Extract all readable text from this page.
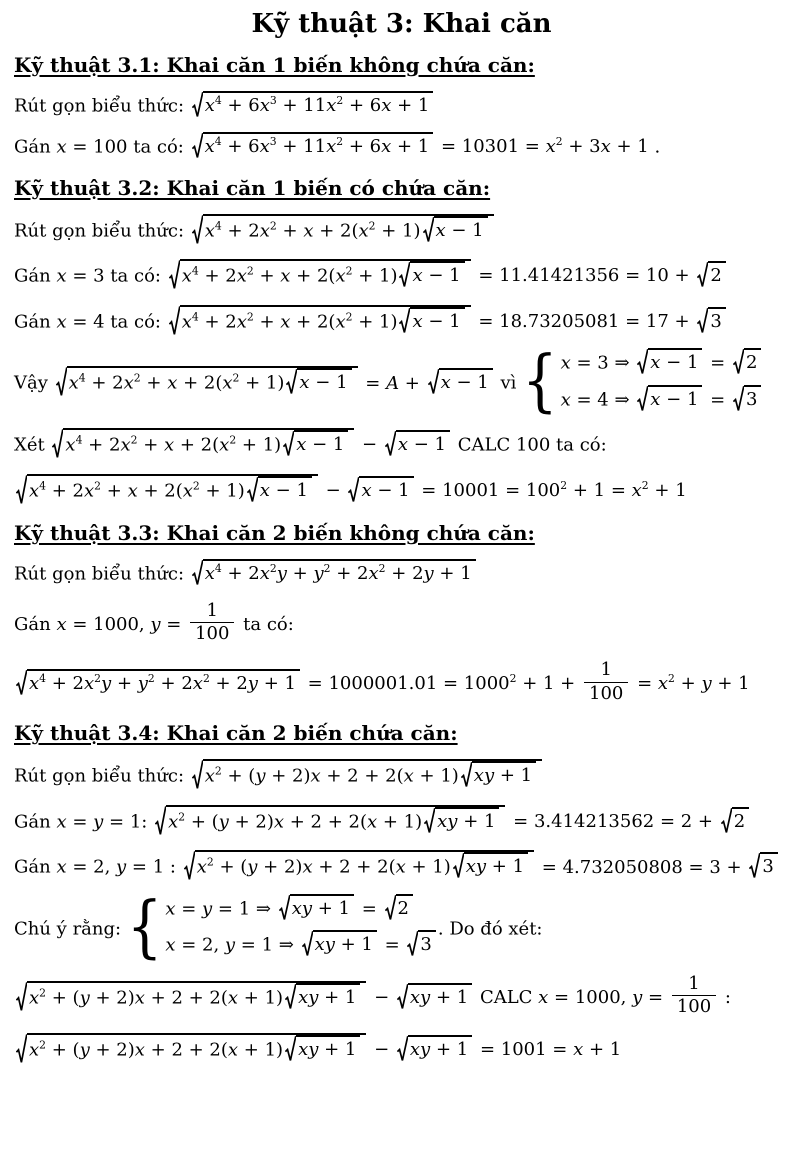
Kỹ thuật 3: Khai căn
Kỹ thuật 3.1: Khai căn 1 biến không chứa căn:
Rút gọn biểu thức: $x^4 + 6x^3 + 11x^2 + 6x + 1$
Gán x = 100 ta có: $x^4 + 6x^3 + 11x^2 + 6x + 1 = 10301 = x^2 + 3x + 1$ .
Kỹ thuật 3.2: Khai căn 1 biến có chứa căn:
Rút gọn biểu thức: $x^4 + 2x^2 + x + 2(x^2 + 1) x - 1$
Gán x = 3 ta có: $x^4 + 2x^2 + x + 2(x^2 + 1) x - 1 = 11.41421356 = 10 + 2$
Gán x = 4 ta có: $x^4 + 2x^2 + x + 2(x^2 + 1) x - 1 = 18.73205081 = 17 + 3$
Vậy $x^4 + 2x^2 + x + 2(x^2 + 1) x - 1 = A + x - 1$ vì { x = 3 ⇒ x − 1 = 2
x = 4 ⇒ x − 1 = 3
Xét $x^4 + 2x^2 + x + 2(x^2 + 1) x - 1 - x - 1$ CALC 100 ta có:
$x^4 + 2x^2 + x + 2(x^2 + 1) x - 1 - x - 1 = 10001 = 100^2 + 1 = x^2 + 1$
Kỹ thuật 3.3: Khai căn 2 biến không chứa căn:
Rút gọn biểu thức: $x^4 + 2x^2y + y^2 + 2x^2 + 2y + 1$
Gán x = 1000, $y = \frac{1}{100}$ ta có:
$x^4 + 2x^2y + y^2 + 2x^2 + 2y + 1 = 1000001.01 = 1000^2 + 1 + \frac{1}{100} = x^2 + y + 1$
Kỹ thuật 3.4: Khai căn 2 biến chứa căn:
Rút gọn biểu thức: $x^2 + (y + 2)x + 2 + 2(x + 1)$ xy + 1
Gán x = y = 1: $x^2 + (y + 2)x + 2 + 2(x + 1)$ xy + 1 = 3.414213562 = 2 + 2
Gán x = 2, y = 1 : $x^2 + (y + 2)x + 2 + 2(x + 1)$ xy + 1 = 4.732050808 = 3 + 3
Chú ý rằng: { x = y = 1 ⇒ xy + 1 = 2
x = 2, y = 1 ⇒ xy + 1 = 3
. Do đó xét:
$x^2 + (y + 2)x + 2 + 2(x + 1)$ xy + 1 − xy + 1 CALC x = 1000, $y = \frac{1}{100}$ :
$x^2 + (y + 2)x + 2 + 2(x + 1)$ xy + 1 − xy + 1 = 1001 = x + 1
